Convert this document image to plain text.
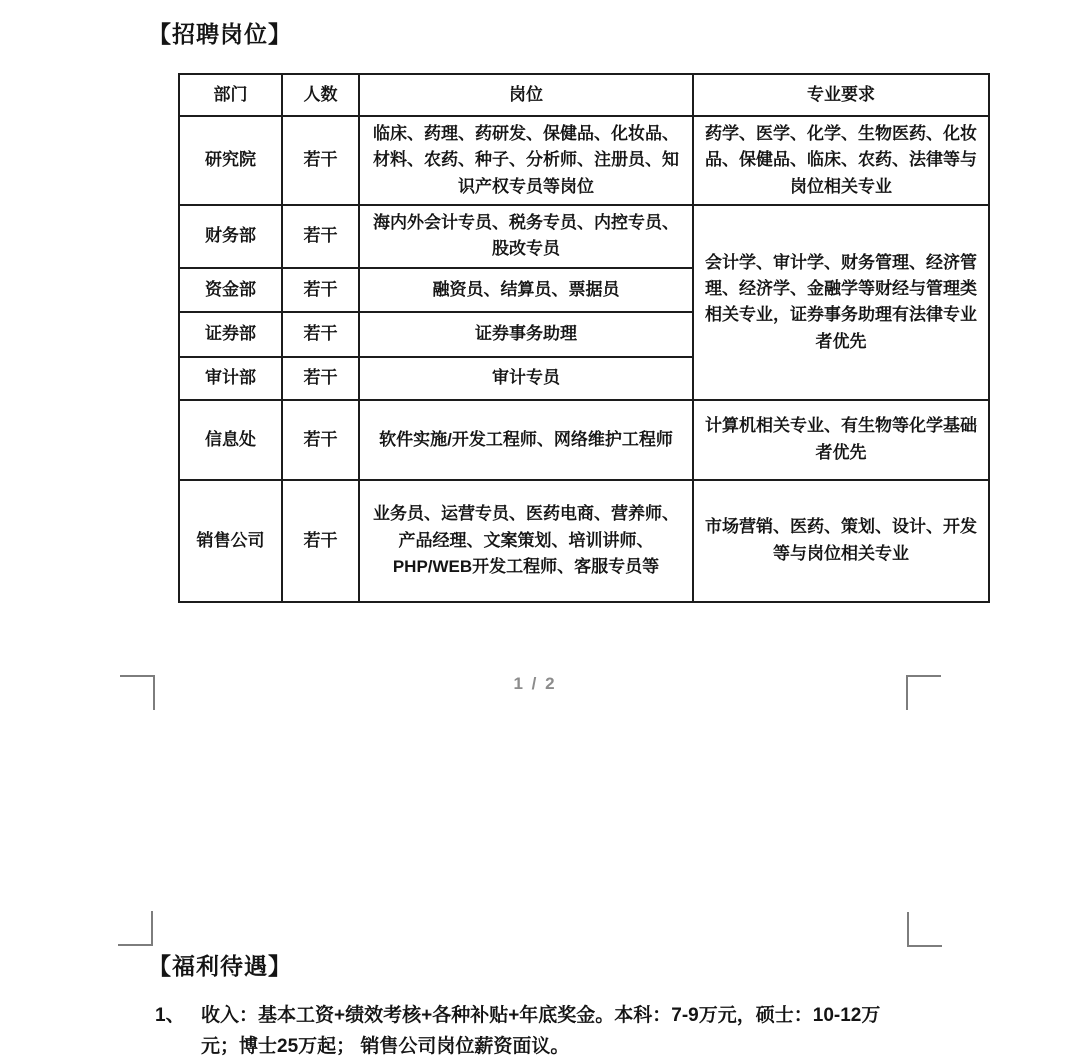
【招聘岗位】
部门	人数	岗位	专业要求
研究院	若干	临床、药理、药研发、保健品、化妆品、材料、农药、种子、分析师、注册员、知识产权专员等岗位	药学、医学、化学、生物医药、化妆品、保健品、临床、农药、法律等与岗位相关专业
财务部	若干	海内外会计专员、税务专员、内控专员、股改专员	会计学、审计学、财务管理、经济管理、经济学、金融学等财经与管理类相关专业，证券事务助理有法律专业者优先
资金部	若干	融资员、结算员、票据员	
证券部	若干	证券事务助理	
审计部	若干	审计专员	
信息处	若干	软件实施/开发工程师、网络维护工程师	计算机相关专业、有生物等化学基础者优先
销售公司	若干	业务员、运营专员、医药电商、营养师、产品经理、文案策划、培训讲师、PHP/WEB开发工程师、客服专员等	市场营销、医药、策划、设计、开发等与岗位相关专业
1 / 2
【福利待遇】
1、 收入：基本工资+绩效考核+各种补贴+年底奖金。本科：7-9万元，硕士：10-12万元；博士25万起； 销售公司岗位薪资面议。
